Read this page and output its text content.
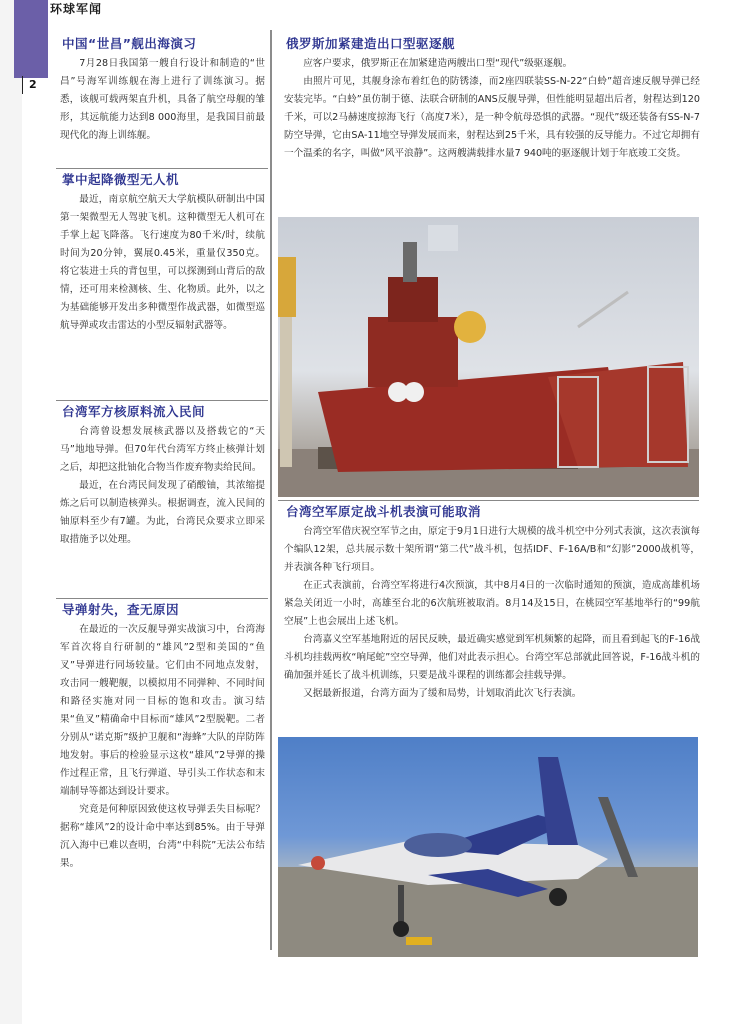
环球军闻
2
中国“世昌”舰出海演习

7月28日我国第一艘自行设计和制造的“世昌”号海军训练舰在海上进行了训练演习。据悉，该舰可载两架直升机，具备了航空母舰的雏形，其远航能力达到8 000海里，是我国目前最现代化的海上训练舰。

掌中起降微型无人机

最近，南京航空航天大学航模队研制出中国第一架微型无人驾驶飞机。这种微型无人机可在手掌上起飞降落。飞行速度为80千米/时，续航时间为20分钟，翼展0.45米，重量仅350克。将它装进士兵的背包里，可以探测到山背后的敌情，还可用来检测核、生、化物质。此外，以之为基础能够开发出多种微型作战武器，如微型巡航导弹或攻击雷达的小型反辐射武器等。

台湾军方核原料流入民间

台湾曾设想发展核武器以及搭载它的“天马”地地导弹。但70年代台湾军方终止核弹计划之后，却把这批铀化合物当作废弃物卖给民间。

最近，在台湾民间发现了硝酸铀，其浓缩提炼之后可以制造核弹头。根据调查，流入民间的铀原料至少有7罐。为此，台湾民众要求立即采取措施予以处理。

导弹射失，查无原因

在最近的一次反舰导弹实战演习中，台湾海军首次将自行研制的“雄风”2型和美国的“鱼叉”导弹进行同场较量。它们由不同地点发射，攻击同一艘靶舰，以模拟用不同弹种、不同时间和路径实施对同一目标的饱和攻击。演习结果“鱼叉”精确命中目标而“雄风”2型脱靶。二者分别从“诺克斯”级护卫舰和“海蜂”大队的岸防阵地发射。事后的检验显示这枚“雄风”2导弹的操作过程正常，且飞行弹道、导引头工作状态和末端制导等都达到设计要求。

究竟是何种原因致使这枚导弹丢失目标呢？据称“雄风”2的设计命中率达到85%。由于导弹沉入海中已难以查明，台湾“中科院”无法公布结果。

俄罗斯加紧建造出口型驱逐舰

应客户要求，俄罗斯正在加紧建造两艘出口型“现代”级驱逐舰。

由照片可见，其舰身涂布着红色的防锈漆，而2座四联装SS-N-22“白蛉”超音速反舰导弹已经安装完毕。“白蛉”虽仿制于德、法联合研制的ANS反舰导弹，但性能明显超出后者，射程达到120千米，可以2马赫速度掠海飞行（高度7米），是一种令航母恐惧的武器。“现代”级还装备有SS-N-7防空导弹，它由SA-11地空导弹发展而来，射程达到25千米，具有较强的反导能力。不过它却拥有一个温柔的名字，叫做“风平浪静”。这两艘满载排水量7 940吨的驱逐舰计划于年底竣工交货。

台湾空军原定战斗机表演可能取消

台湾空军借庆祝空军节之由，原定于9月1日进行大规模的战斗机空中分列式表演，这次表演每个编队12架，总共展示数十架所谓“第二代”战斗机，包括IDF、F-16A/B和“幻影”2000战机等，并表演各种飞行项目。

在正式表演前，台湾空军将进行4次预演，其中8月4日的一次临时通知的预演，造成高雄机场紧急关闭近一小时，高雄至台北的6次航班被取消。8月14及15日，在桃园空军基地举行的“99航空展”上也会展出上述飞机。

台湾嘉义空军基地附近的居民反映，最近确实感觉到军机频繁的起降，而且看到起飞的F-16战斗机均挂载两枚“响尾蛇”空空导弹，他们对此表示担心。台湾空军总部就此回答说，F-16战斗机的确加强并延长了战斗机训练，只要是战斗课程的训练都会挂载导弹。

又据最新报道，台湾方面为了缓和局势，计划取消此次飞行表演。
